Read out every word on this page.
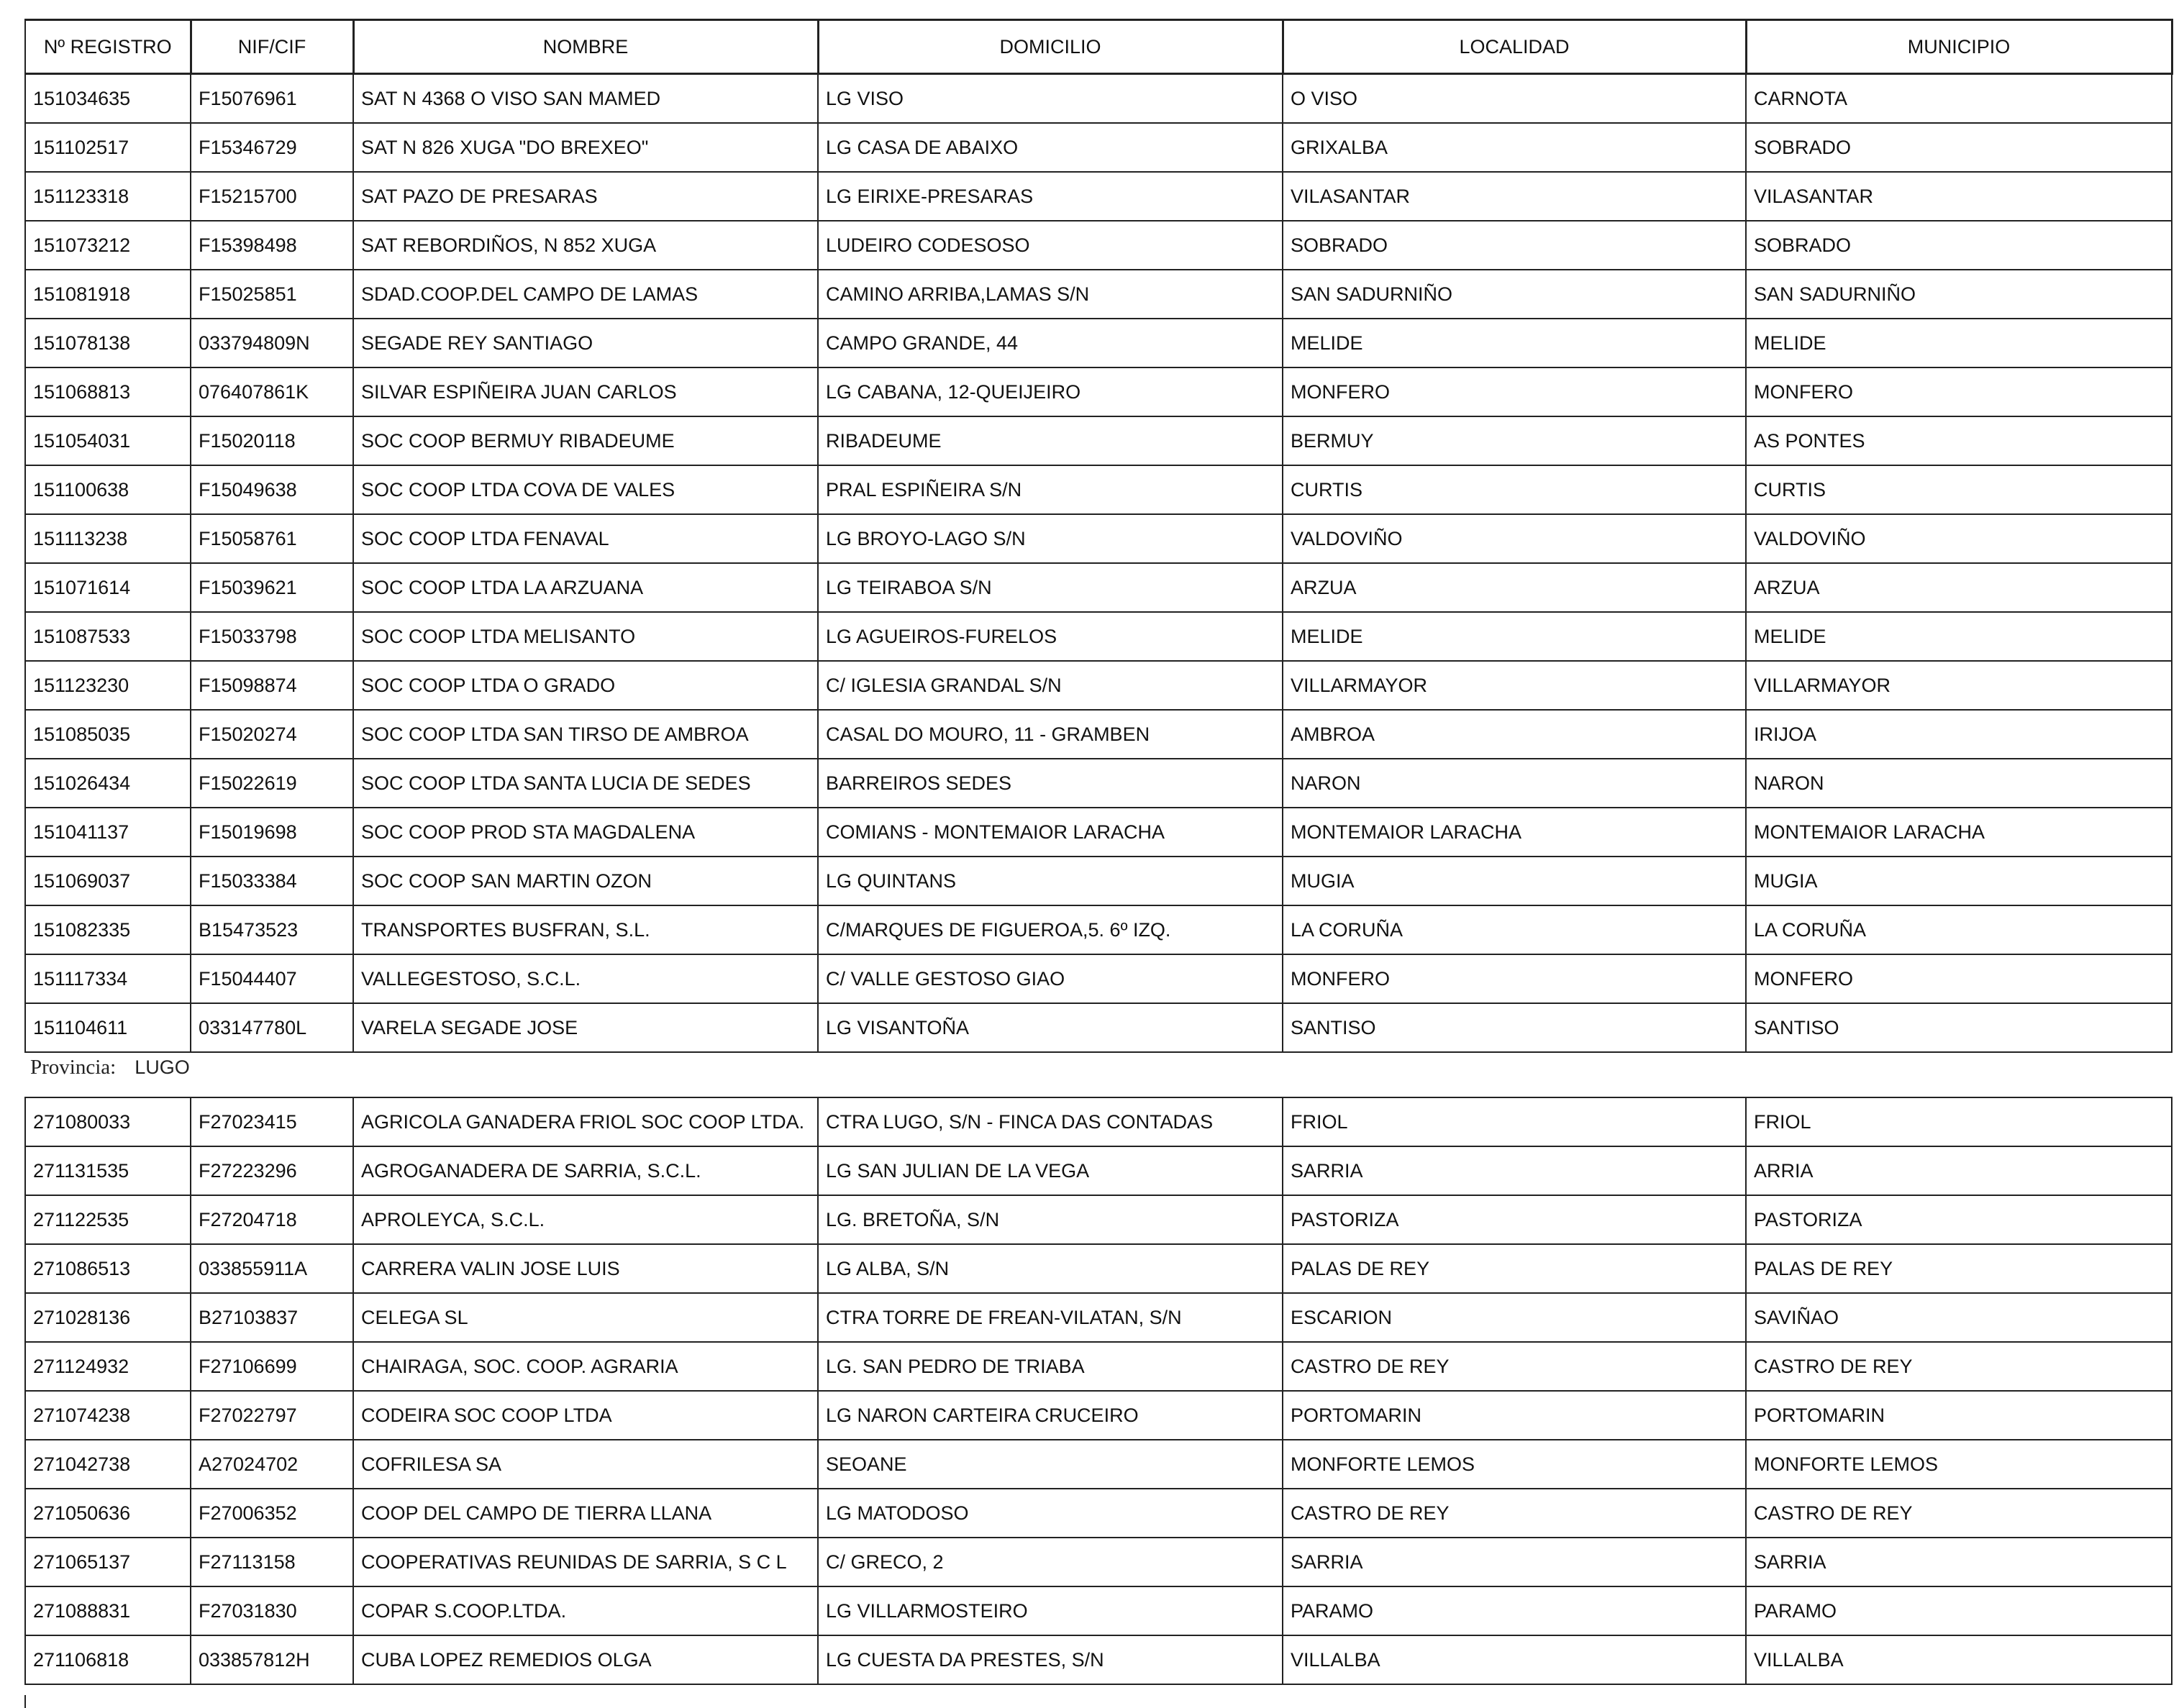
Nº REGISTRO	NIF/CIF	NOMBRE	DOMICILIO	LOCALIDAD	MUNICIPIO
151034635	F15076961	SAT N 4368 O VISO SAN MAMED	LG VISO	O VISO	CARNOTA
151102517	F15346729	SAT N 826 XUGA "DO BREXEO"	LG CASA DE ABAIXO	GRIXALBA	SOBRADO
151123318	F15215700	SAT PAZO DE PRESARAS	LG EIRIXE-PRESARAS	VILASANTAR	VILASANTAR
151073212	F15398498	SAT REBORDIÑOS, N 852 XUGA	LUDEIRO CODESOSO	SOBRADO	SOBRADO
151081918	F15025851	SDAD.COOP.DEL CAMPO DE LAMAS	CAMINO ARRIBA,LAMAS S/N	SAN SADURNIÑO	SAN SADURNIÑO
151078138	033794809N	SEGADE REY SANTIAGO	CAMPO GRANDE, 44	MELIDE	MELIDE
151068813	076407861K	SILVAR ESPIÑEIRA JUAN CARLOS	LG CABANA, 12-QUEIJEIRO	MONFERO	MONFERO
151054031	F15020118	SOC COOP BERMUY RIBADEUME	RIBADEUME	BERMUY	AS PONTES
151100638	F15049638	SOC COOP LTDA COVA DE VALES	PRAL ESPIÑEIRA S/N	CURTIS	CURTIS
151113238	F15058761	SOC COOP LTDA FENAVAL	LG BROYO-LAGO S/N	VALDOVIÑO	VALDOVIÑO
151071614	F15039621	SOC COOP LTDA LA ARZUANA	LG TEIRABOA S/N	ARZUA	ARZUA
151087533	F15033798	SOC COOP LTDA MELISANTO	LG AGUEIROS-FURELOS	MELIDE	MELIDE
151123230	F15098874	SOC COOP LTDA O GRADO	C/ IGLESIA GRANDAL S/N	VILLARMAYOR	VILLARMAYOR
151085035	F15020274	SOC COOP LTDA SAN TIRSO DE AMBROA	CASAL DO MOURO, 11 - GRAMBEN	AMBROA	IRIJOA
151026434	F15022619	SOC COOP LTDA SANTA LUCIA DE SEDES	BARREIROS SEDES	NARON	NARON
151041137	F15019698	SOC COOP PROD STA MAGDALENA	COMIANS - MONTEMAIOR LARACHA	MONTEMAIOR LARACHA	MONTEMAIOR LARACHA
151069037	F15033384	SOC COOP SAN MARTIN OZON	LG QUINTANS	MUGIA	MUGIA
151082335	B15473523	TRANSPORTES BUSFRAN, S.L.	C/MARQUES DE FIGUEROA,5. 6º IZQ.	LA CORUÑA	LA CORUÑA
151117334	F15044407	VALLEGESTOSO, S.C.L.	C/ VALLE GESTOSO GIAO	MONFERO	MONFERO
151104611	033147780L	VARELA SEGADE JOSE	LG VISANTOÑA	SANTISO	SANTISO
Provincia: LUGO
271080033	F27023415	AGRICOLA GANADERA FRIOL SOC COOP LTDA.	CTRA LUGO, S/N - FINCA DAS CONTADAS	FRIOL	FRIOL
271131535	F27223296	AGROGANADERA DE SARRIA, S.C.L.	LG SAN JULIAN DE LA VEGA	SARRIA	ARRIA
271122535	F27204718	APROLEYCA, S.C.L.	LG. BRETOÑA, S/N	PASTORIZA	PASTORIZA
271086513	033855911A	CARRERA VALIN JOSE LUIS	LG ALBA, S/N	PALAS DE REY	PALAS DE REY
271028136	B27103837	CELEGA SL	CTRA TORRE DE FREAN-VILATAN, S/N	ESCARION	SAVIÑAO
271124932	F27106699	CHAIRAGA, SOC. COOP. AGRARIA	LG. SAN PEDRO DE TRIABA	CASTRO DE REY	CASTRO DE REY
271074238	F27022797	CODEIRA SOC COOP LTDA	LG NARON CARTEIRA CRUCEIRO	PORTOMARIN	PORTOMARIN
271042738	A27024702	COFRILESA SA	SEOANE	MONFORTE LEMOS	MONFORTE LEMOS
271050636	F27006352	COOP DEL CAMPO DE TIERRA LLANA	LG MATODOSO	CASTRO DE REY	CASTRO DE REY
271065137	F27113158	COOPERATIVAS REUNIDAS DE SARRIA, S C L	C/ GRECO, 2	SARRIA	SARRIA
271088831	F27031830	COPAR S.COOP.LTDA.	LG VILLARMOSTEIRO	PARAMO	PARAMO
271106818	033857812H	CUBA LOPEZ REMEDIOS OLGA	LG CUESTA DA PRESTES, S/N	VILLALBA	VILLALBA
